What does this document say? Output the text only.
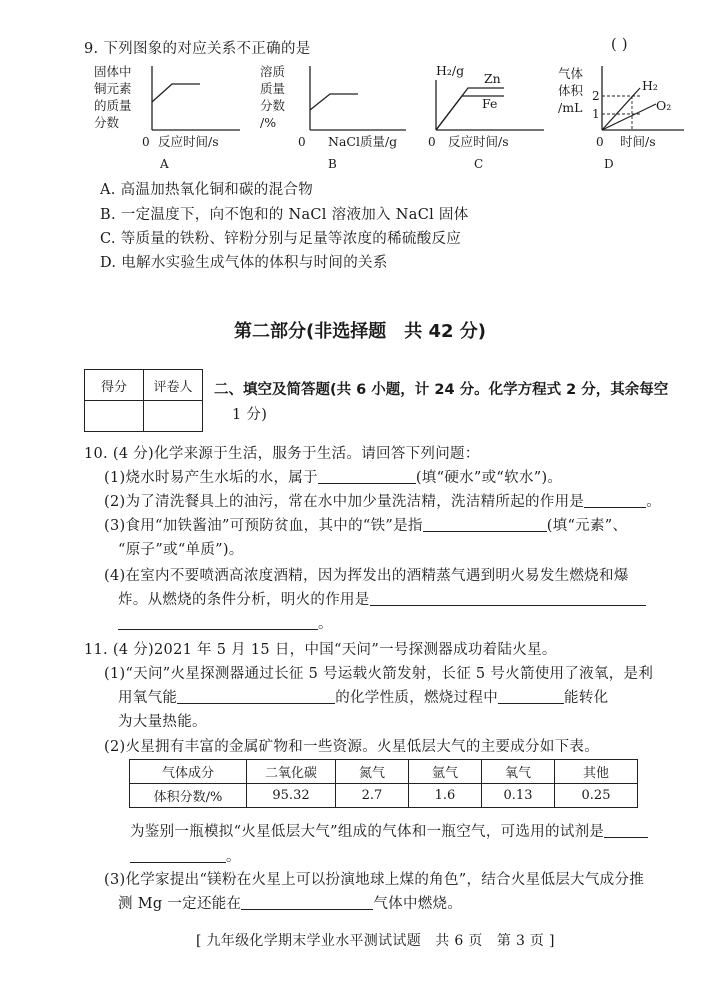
9. 下列图象的对应关系不正确的是	( )
固体中
铜元素
的质量
分数
0 反应时间/s
A
溶质
质量
分数
/%
0 NaCl质量/g
B
H₂/g
Zn
Fe
0 反应时间/s
C
气体
体积
/mL
2
1
H₂
O₂
0 时间/s
D
A. 高温加热氧化铜和碳的混合物
B. 一定温度下，向不饱和的 NaCl 溶液加入 NaCl 固体
C. 等质量的铁粉、锌粉分别与足量等浓度的稀硫酸反应
D. 电解水实验生成气体的体积与时间的关系
第二部分(非选择题　共 42 分)
得分	评卷人
	二、填空及简答题(共 6 小题，计 24 分。化学方程式 2 分，其余每空
1 分)
10. (4 分)化学来源于生活，服务于生活。请回答下列问题：
(1)烧水时易产生水垢的水，属于	(填“硬水”或“软水”)。
(2)为了清洗餐具上的油污，常在水中加少量洗洁精，洗洁精所起的作用是	。
(3)食用“加铁酱油”可预防贫血，其中的“铁”是指	(填“元素”、
“原子”或“单质”)。
(4)在室内不要喷洒高浓度酒精，因为挥发出的酒精蒸气遇到明火易发生燃烧和爆
炸。从燃烧的条件分析，明火的作用是
。
11. (4 分)2021 年 5 月 15 日，中国“天问”一号探测器成功着陆火星。
(1)“天问”火星探测器通过长征 5 号运载火箭发射，长征 5 号火箭使用了液氧，是利
用氧气能	的化学性质，燃烧过程中	能转化
为大量热能。
(2)火星拥有丰富的金属矿物和一些资源。火星低层大气的主要成分如下表。
气体成分	二氧化碳	氮气	氩气	氧气	其他
体积分数/%	95.32	2.7	1.6	0.13	0.25
为鉴别一瓶模拟“火星低层大气”组成的气体和一瓶空气，可选用的试剂是
。
(3)化学家提出“镁粉在火星上可以扮演地球上煤的角色”，结合火星低层大气成分推
测 Mg 一定还能在	气体中燃烧。
[ 九年级化学期末学业水平测试试题　共 6 页　第 3 页 ]
